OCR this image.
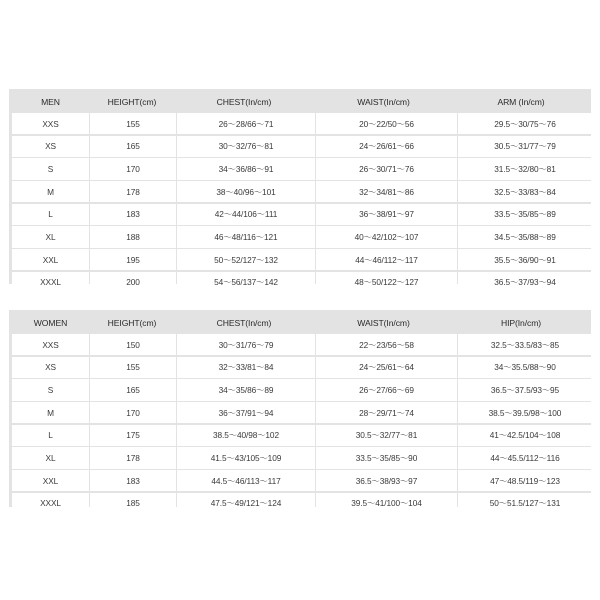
MEN	HEIGHT(cm)	CHEST(In/cm)	WAIST(In/cm)	ARM (In/cm)
XXS	155	26～28/66～71	20～22/50～56	29.5～30/75～76
XS	165	30～32/76～81	24～26/61～66	30.5～31/77～79
S	170	34～36/86～91	26～30/71～76	31.5～32/80～81
M	178	38～40/96～101	32～34/81～86	32.5～33/83～84
L	183	42～44/106～111	36～38/91～97	33.5～35/85～89
XL	188	46～48/116～121	40～42/102～107	34.5～35/88～89
XXL	195	50～52/127～132	44～46/112～117	35.5～36/90～91
XXXL	200	54～56/137～142	48～50/122～127	36.5～37/93～94
WOMEN	HEIGHT(cm)	CHEST(In/cm)	WAIST(In/cm)	HIP(In/cm)
XXS	150	30～31/76～79	22～23/56～58	32.5～33.5/83～85
XS	155	32～33/81～84	24～25/61～64	34～35.5/88～90
S	165	34～35/86～89	26～27/66～69	36.5～37.5/93～95
M	170	36～37/91～94	28～29/71～74	38.5～39.5/98～100
L	175	38.5～40/98～102	30.5～32/77～81	41～42.5/104～108
XL	178	41.5～43/105～109	33.5～35/85～90	44～45.5/112～116
XXL	183	44.5～46/113～117	36.5～38/93～97	47～48.5/119～123
XXXL	185	47.5～49/121～124	39.5～41/100～104	50～51.5/127～131
